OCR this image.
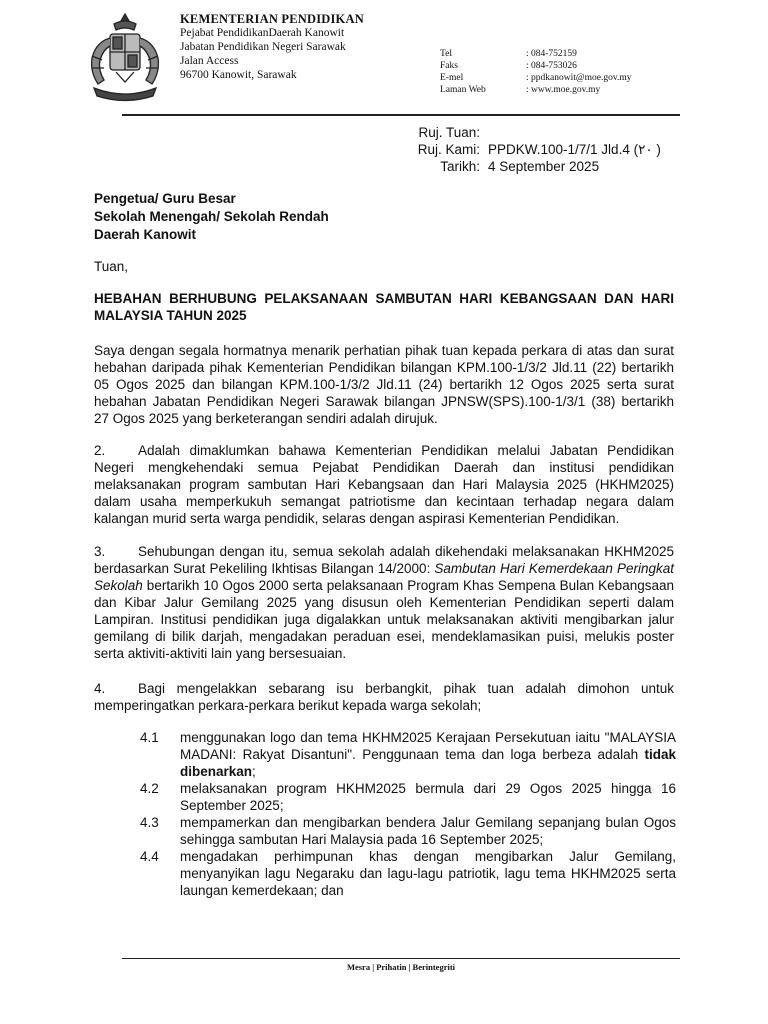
KEMENTERIAN PENDIDIKAN
Pejabat PendidikanDaerah Kanowit
Jabatan Pendidikan Negeri Sarawak
Jalan Access
96700 Kanowit, Sarawak
Tel	: 084-752159
Faks	: 084-753026
E-mel	: ppdkanowit@moe.gov.my
Laman Web	: www.moe.gov.my
Ruj. Tuan:
Ruj. Kami: PPDKW.100-1/7/1 Jld.4 (٢٠ )
Tarikh: 4 September 2025
Pengetua/ Guru Besar
Sekolah Menengah/ Sekolah Rendah
Daerah Kanowit
Tuan,
HEBAHAN BERHUBUNG PELAKSANAAN SAMBUTAN HARI KEBANGSAAN DAN HARI MALAYSIA TAHUN 2025
Saya dengan segala hormatnya menarik perhatian pihak tuan kepada perkara di atas dan surat hebahan daripada pihak Kementerian Pendidikan bilangan KPM.100-1/3/2 Jld.11 (22) bertarikh 05 Ogos 2025 dan bilangan KPM.100-1/3/2 Jld.11 (24) bertarikh 12 Ogos 2025 serta surat hebahan Jabatan Pendidikan Negeri Sarawak bilangan JPNSW(SPS).100-1/3/1 (38) bertarikh 27 Ogos 2025 yang berketerangan sendiri adalah dirujuk.
2. Adalah dimaklumkan bahawa Kementerian Pendidikan melalui Jabatan Pendidikan Negeri mengkehendaki semua Pejabat Pendidikan Daerah dan institusi pendidikan melaksanakan program sambutan Hari Kebangsaan dan Hari Malaysia 2025 (HKHM2025) dalam usaha memperkukuh semangat patriotisme dan kecintaan terhadap negara dalam kalangan murid serta warga pendidik, selaras dengan aspirasi Kementerian Pendidikan.
3. Sehubungan dengan itu, semua sekolah adalah dikehendaki melaksanakan HKHM2025 berdasarkan Surat Pekeliling Ikhtisas Bilangan 14/2000: Sambutan Hari Kemerdekaan Peringkat Sekolah bertarikh 10 Ogos 2000 serta pelaksanaan Program Khas Sempena Bulan Kebangsaan dan Kibar Jalur Gemilang 2025 yang disusun oleh Kementerian Pendidikan seperti dalam Lampiran. Institusi pendidikan juga digalakkan untuk melaksanakan aktiviti mengibarkan jalur gemilang di bilik darjah, mengadakan peraduan esei, mendeklamasikan puisi, melukis poster serta aktiviti-aktiviti lain yang bersesuaian.
4. Bagi mengelakkan sebarang isu berbangkit, pihak tuan adalah dimohon untuk memperingatkan perkara-perkara berikut kepada warga sekolah;
4.1	menggunakan logo dan tema HKHM2025 Kerajaan Persekutuan iaitu "MALAYSIA MADANI: Rakyat Disantuni". Penggunaan tema dan loga berbeza adalah tidak dibenarkan;
4.2	melaksanakan program HKHM2025 bermula dari 29 Ogos 2025 hingga 16 September 2025;
4.3	mempamerkan dan mengibarkan bendera Jalur Gemilang sepanjang bulan Ogos sehingga sambutan Hari Malaysia pada 16 September 2025;
4.4	mengadakan perhimpunan khas dengan mengibarkan Jalur Gemilang, menyanyikan lagu Negaraku dan lagu-lagu patriotik, lagu tema HKHM2025 serta laungan kemerdekaan; dan
Mesra | Prihatin | Berintegriti
